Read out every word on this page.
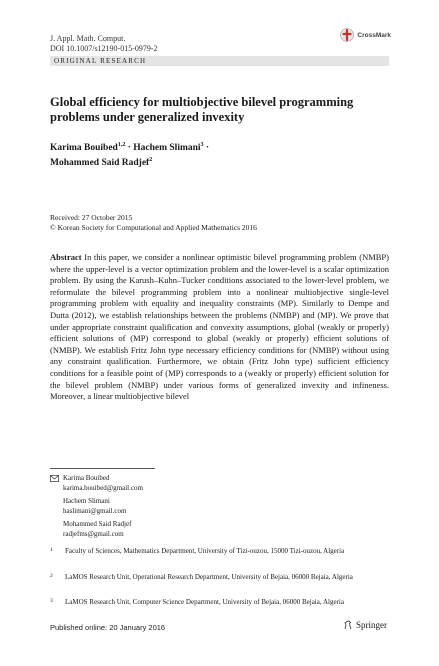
J. Appl. Math. Comput.
DOI 10.1007/s12190-015-0979-2
CrossMark
ORIGINAL RESEARCH
Global efficiency for multiobjective bilevel programming problems under generalized invexity
Karima Bouibed$^{1,2}$ · Hachem Slimani$^3$ ·
Mohammed Said Radjef$^2$
Received: 27 October 2015
© Korean Society for Computational and Applied Mathematics 2016
Abstract In this paper, we consider a nonlinear optimistic bilevel programming problem (NMBP) where the upper-level is a vector optimization problem and the lower-level is a scalar optimization problem. By using the Karush–Kuhn–Tucker conditions associated to the lower-level problem, we reformulate the bilevel programming problem into a nonlinear multiobjective single-level programming problem with equality and inequality constraints (MP). Similarly to Dempe and Dutta (2012), we establish relationships between the problems (NMBP) and (MP). We prove that under appropriate constraint qualification and convexity assumptions, global (weakly or properly) efficient solutions of (MP) correspond to global (weakly or properly) efficient solutions of (NMBP). We establish Fritz John type necessary efficiency conditions for (NMBP) without using any constraint qualification. Furthermore, we obtain (Fritz John type) sufficient efficiency conditions for a feasible point of (MP) corresponds to a (weakly or properly) efficient solution for the bilevel problem (NMBP) under various forms of generalized invexity and infineness. Moreover, a linear multiobjective bilevel
Karima Bouibed
karima.bouibed@gmail.com
Hachem Slimani
haslimani@gmail.com
Mohammed Said Radjef
radjefms@gmail.com
1 Faculty of Sciences, Mathematics Department, University of Tizi-ouzou, 15000 Tizi-ouzou, Algeria
2 LaMOS Research Unit, Operational Research Department, University of Bejaia, 06000 Bejaia, Algeria
3 LaMOS Research Unit, Computer Science Department, University of Bejaia, 06000 Bejaia, Algeria
Published online: 20 January 2016	Springer
